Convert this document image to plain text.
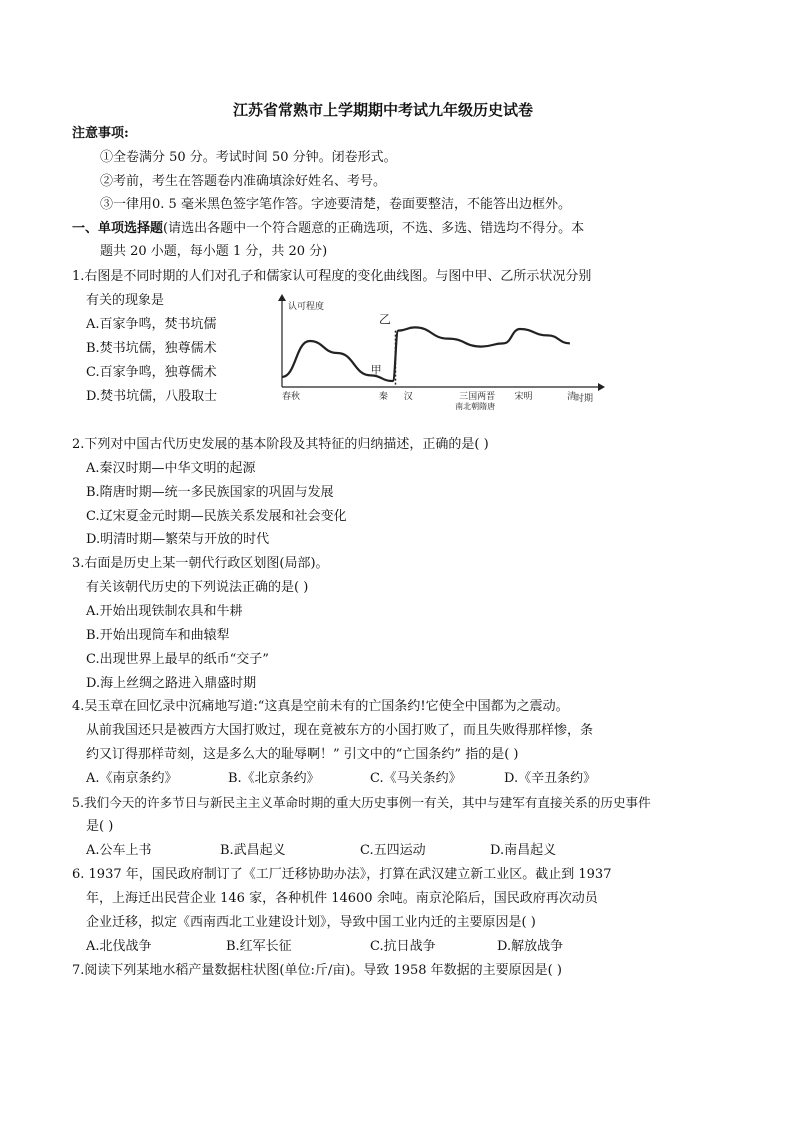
江苏省常熟市上学期期中考试九年级历史试卷
注意事项:
①全卷满分 50 分。考试时间 50 分钟。闭卷形式。
②考前，考生在答题卷内准确填涂好姓名、考号。
③一律用0. 5 毫米黑色签字笔作答。字迹要清楚，卷面要整洁，不能答出边框外。
一、单项选择题(请选出各题中一个符合题意的正确选项，不选、多选、错选均不得分。本
题共 20 小题，每小题 1 分，共 20 分)
1.右图是不同时期的人们对孔子和儒家认可程度的变化曲线图。与图中甲、乙所示状况分别
有关的现象是
A.百家争鸣，焚书坑儒
B.焚书坑儒，独尊儒术
C.百家争鸣，独尊儒术
D.焚书坑儒，八股取士
认可程度
甲
乙
春秋	秦 汉	三国两晋 宋明	清
南北朝隋唐
时期
2.下列对中国古代历史发展的基本阶段及其特征的归纳描述，正确的是( )
A.秦汉时期—中华文明的起源
B.隋唐时期—统一多民族国家的巩固与发展
C.辽宋夏金元时期—民族关系发展和社会变化
D.明清时期—繁荣与开放的时代
3.右面是历史上某一朝代行政区划图(局部)。
有关该朝代历史的下列说法正确的是( )
A.开始出现铁制农具和牛耕
B.开始出现筒车和曲辕犁
C.出现世界上最早的纸币“交子”
D.海上丝绸之路进入鼎盛时期
4.吴玉章在回忆录中沉痛地写道:“这真是空前未有的亡国条约!它使全中国都为之震动。
从前我国还只是被西方大国打败过，现在竟被东方的小国打败了，而且失败得那样惨，条
约又订得那样苛刻，这是多么大的耻辱啊！” 引文中的“亡国条约” 指的是( )
A.《南京条约》	B.《北京条约》	C.《马关条约》	D.《辛丑条约》
5.我们今天的许多节日与新民主主义革命时期的重大历史事例一有关，其中与建军有直接关系的历史事件
是( )
A.公车上书	B.武昌起义	C.五四运动	D.南昌起义
6. 1937 年，国民政府制订了《工厂迁移协助办法》，打算在武汉建立新工业区。截止到 1937
年，上海迁出民营企业 146 家，各种机件 14600 余吨。南京沦陷后，国民政府再次动员
企业迁移，拟定《西南西北工业建设计划》，导致中国工业内迁的主要原因是( )
A.北伐战争	B.红军长征	C.抗日战争	D.解放战争
7.阅读下列某地水稻产量数据柱状图(单位:斤/亩)。导致 1958 年数据的主要原因是( )
